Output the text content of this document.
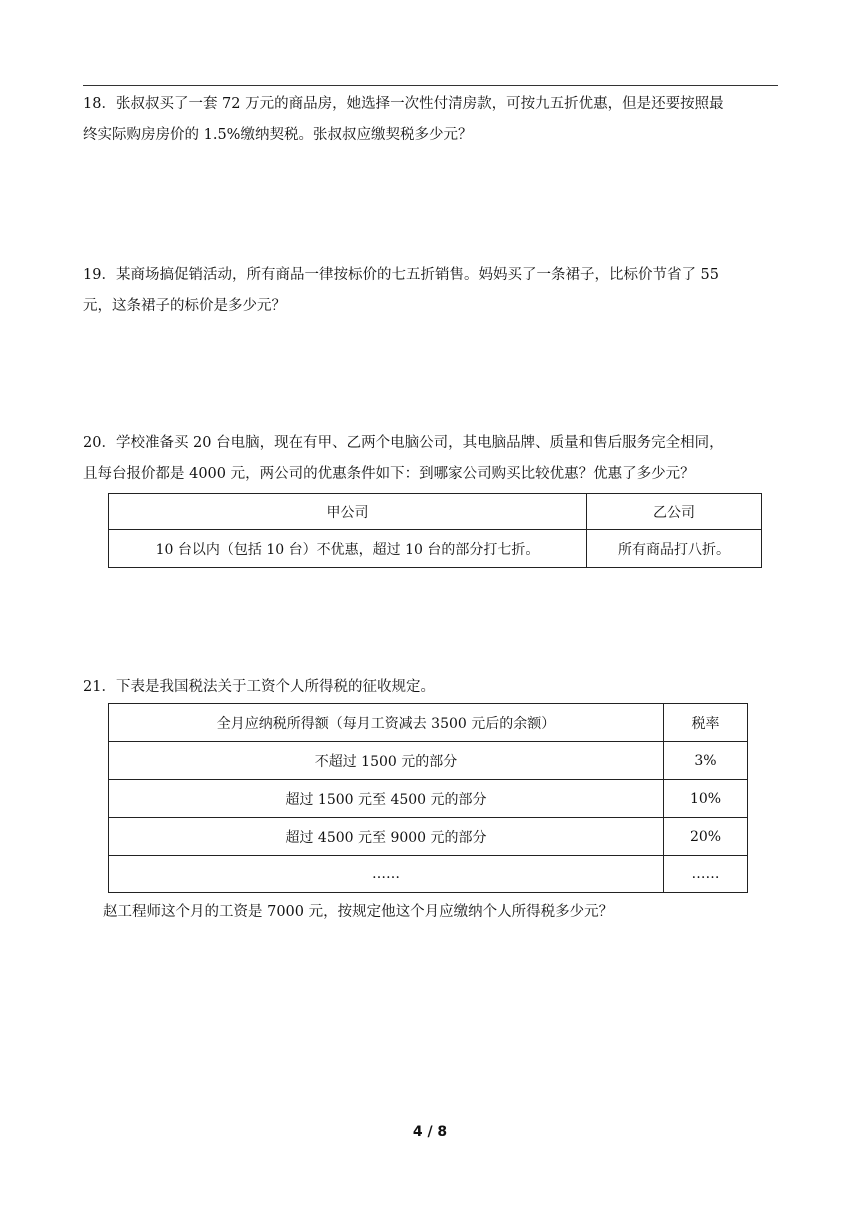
18．张叔叔买了一套 72 万元的商品房，她选择一次性付清房款，可按九五折优惠，但是还要按照最
终实际购房房价的 1.5%缴纳契税。张叔叔应缴契税多少元？
19．某商场搞促销活动，所有商品一律按标价的七五折销售。妈妈买了一条裙子，比标价节省了 55
元，这条裙子的标价是多少元？
20．学校准备买 20 台电脑，现在有甲、乙两个电脑公司，其电脑品牌、质量和售后服务完全相同，
且每台报价都是 4000 元，两公司的优惠条件如下：到哪家公司购买比较优惠？优惠了多少元？
甲公司	乙公司
10 台以内（包括 10 台）不优惠，超过 10 台的部分打七折。	所有商品打八折。
21．下表是我国税法关于工资个人所得税的征收规定。
全月应纳税所得额（每月工资减去 3500 元后的余额）	税率
不超过 1500 元的部分	3%
超过 1500 元至 4500 元的部分	10%
超过 4500 元至 9000 元的部分	20%
……	……
赵工程师这个月的工资是 7000 元，按规定他这个月应缴纳个人所得税多少元？
4 / 8
